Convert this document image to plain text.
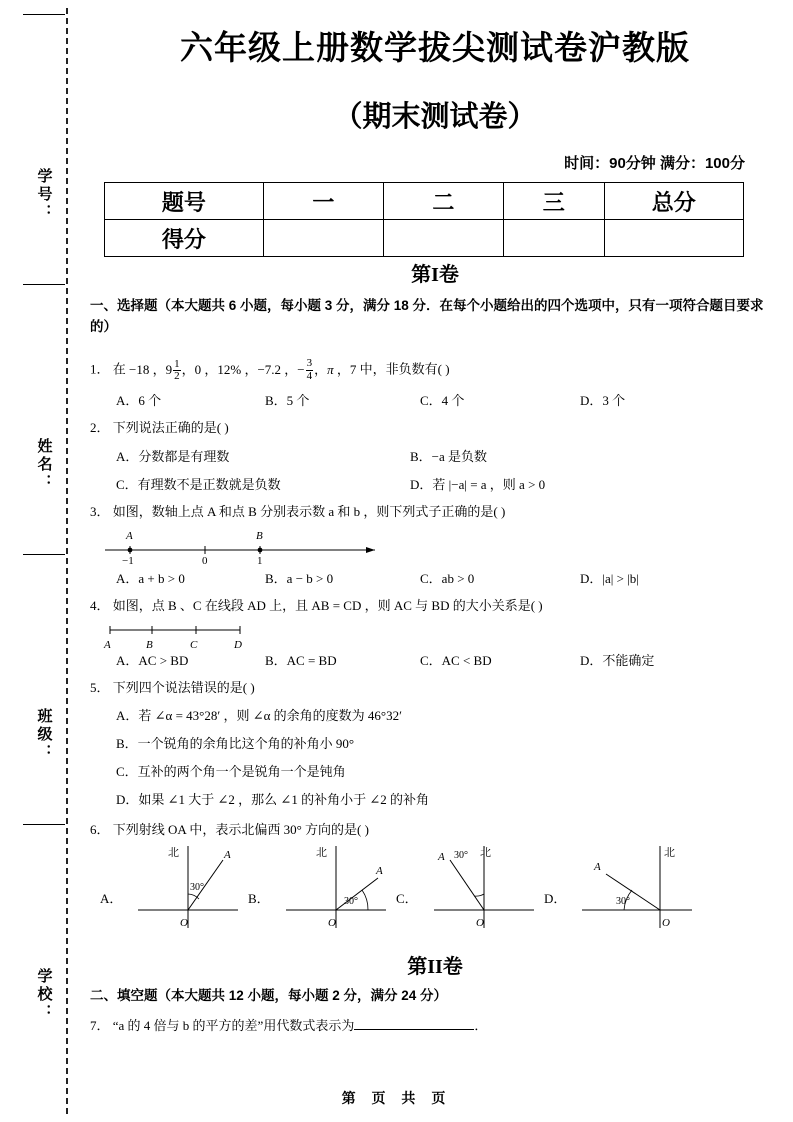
学号：
姓名：
班级：
学校：
六年级上册数学拔尖测试卷沪教版
（期末测试卷）
时间：90分钟 满分：100分
题号	一	二	三	总分
得分				
第I卷
一、选择题（本大题共 6 小题，每小题 3 分，满分 18 分．在每个小题给出的四个选项中，只有一项符合题目要求的）
1． 在 −18 ，$9 \frac{1}{2}$ ，0 ，12% ，−7.2 ，− $\frac{3}{4}$ ，π ，7 中，非负数有( )
A．6 个	B．5 个	C．4 个	D．3 个
2． 下列说法正确的是( )
A．分数都是有理数	B．−a 是负数
C．有理数不是正数就是负数	D．若 |−a| = a ，则 a > 0
3． 如图，数轴上点 A 和点 B 分别表示数 a 和 b ，则下列式子正确的是( )
A	B
−1	0	1
A．a + b > 0	B．a − b > 0	C．ab > 0	D．|a| > |b|
4． 如图，点 B 、C 在线段 AD 上，且 AB = CD ，则 AC 与 BD 的大小关系是( )
A	B	C	D
A．AC > BD	B．AC = BD	C．AC < BD	D．不能确定
5． 下列四个说法错误的是( )
A．若 ∠α = 43°28′ ，则 ∠α 的余角的度数为 46°32′
B．一个锐角的余角比这个角的补角小 90°
C．互补的两个角一个是锐角一个是钝角
D．如果 ∠1 大于 ∠2 ，那么 ∠1 的补角小于 ∠2 的补角
6． 下列射线 OA 中，表示北偏西 30° 方向的是( )
A．
北	A
30°
O
B．
北
A
30°
O
C．
北
A 30°
O
D．
北
A
30°
O
第II卷
二、填空题（本大题共 12 小题，每小题 2 分，满分 24 分）
7． “a 的 4 倍与 b 的平方的差”用代数式表示为	．
第 页 共 页
